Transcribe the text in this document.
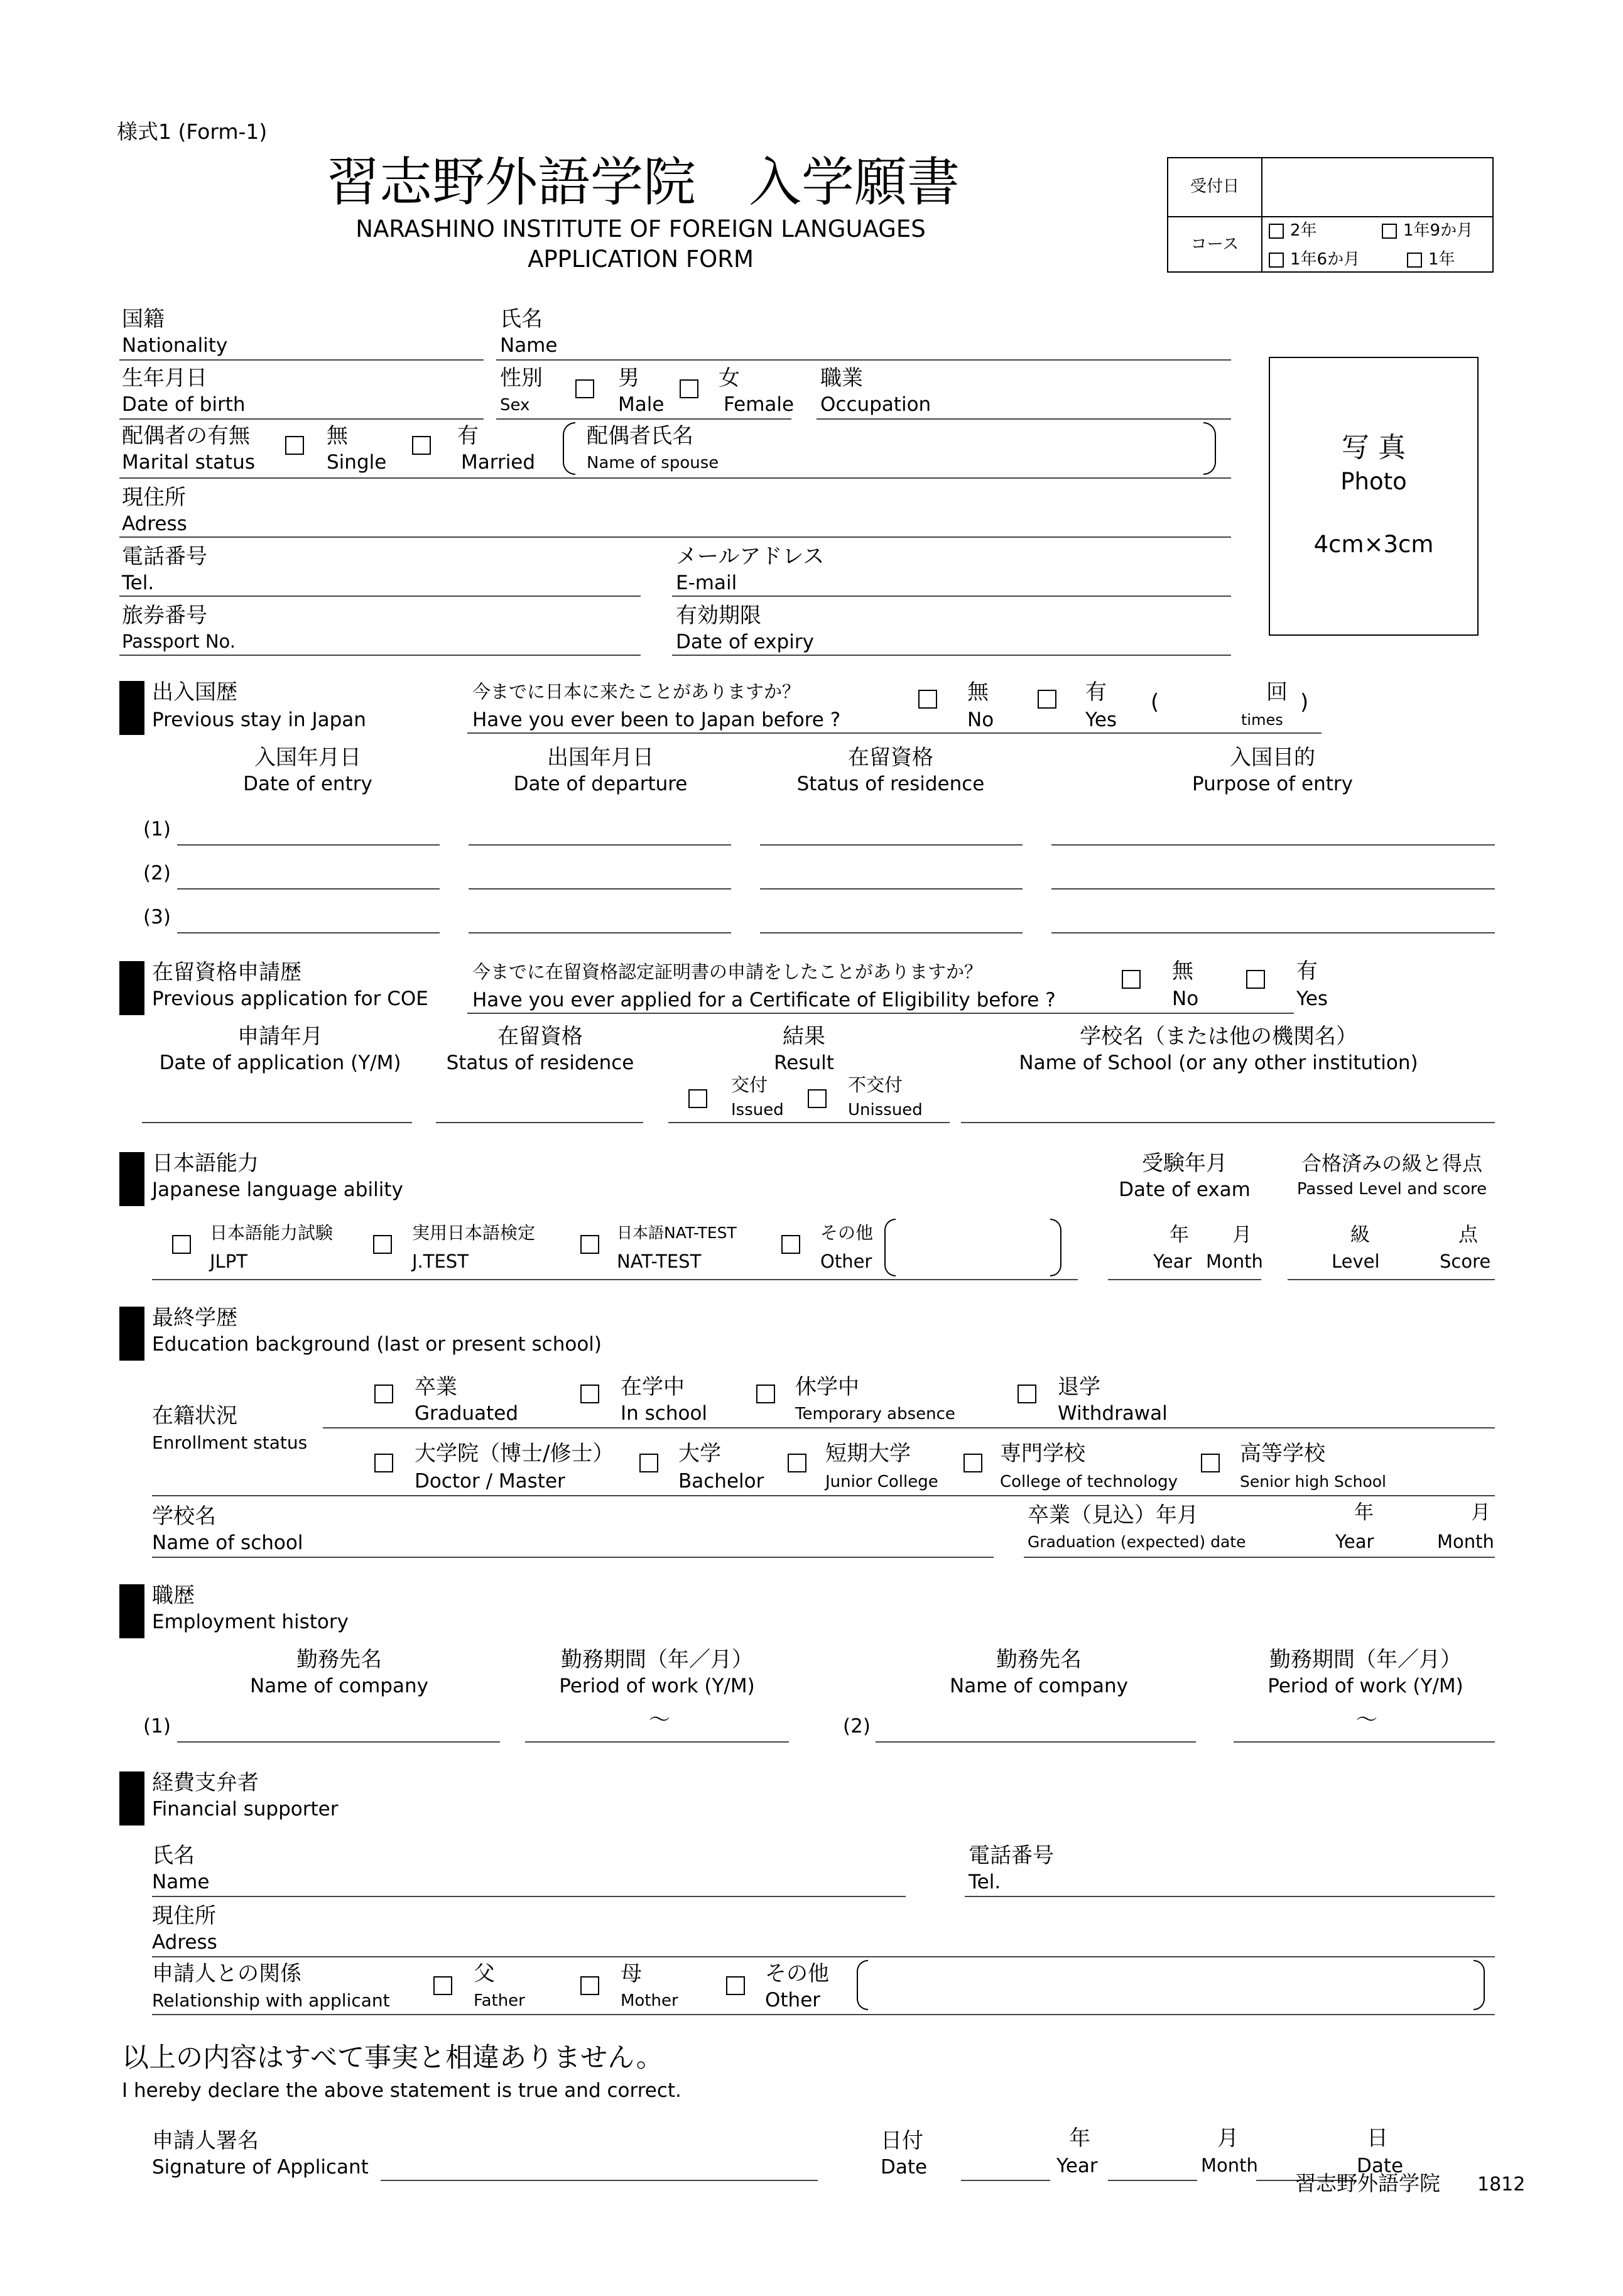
様式1 (Form-1)
習志野外語学院　入学願書
NARASHINO INSTITUTE OF FOREIGN LANGUAGES
APPLICATION FORM
受付日
コース
2年	1年9か月
1年6か月	1年
国籍
Nationality
氏名
Name
生年月日
Date of birth
性別
Sex
男
Male
女
Female
職業
Occupation
配偶者の有無
Marital status
無
Single
有
Married
配偶者氏名
Name of spouse
現住所
Adress
電話番号
Tel.
メールアドレス
E-mail
旅券番号
Passport No.
有効期限
Date of expiry
写 真
Photo
4cm×3cm
出入国歴
Previous stay in Japan
今までに日本に来たことがありますか？
Have you ever been to Japan before ?
無
No
有
Yes
(	回
times
)
入国年月日
Date of entry
出国年月日
Date of departure
在留資格
Status of residence
入国目的
Purpose of entry
(1)
(2)
(3)
在留資格申請歴
Previous application for COE
今までに在留資格認定証明書の申請をしたことがありますか？
Have you ever applied for a Certificate of Eligibility before ?
無
No
有
Yes
申請年月
Date of application (Y/M)
在留資格
Status of residence
結果
Result
学校名（または他の機関名）
Name of School (or any other institution)
交付
Issued
不交付
Unissued
日本語能力
Japanese language ability
受験年月
Date of exam
合格済みの級と得点
Passed Level and score
日本語能力試験
JLPT
実用日本語検定
J.TEST
日本語NAT-TEST
NAT-TEST
その他
Other
年
Year
月
Month
級
Level
点
Score
最終学歴
Education background (last or present school)
在籍状況
Enrollment status
卒業
Graduated
在学中
In school
休学中
Temporary absence
退学
Withdrawal
大学院（博士/修士）
Doctor / Master
大学
Bachelor
短期大学
Junior College
専門学校
College of technology
高等学校
Senior high School
学校名
Name of school
卒業（見込）年月
Graduation (expected) date
年
Year
月
Month
職歴
Employment history
勤務先名
Name of company
勤務期間（年／月）
Period of work (Y/M)
勤務先名
Name of company
勤務期間（年／月）
Period of work (Y/M)
(1)	～	(2)	～
経費支弁者
Financial supporter
氏名
Name
電話番号
Tel.
現住所
Adress
申請人との関係
Relationship with applicant
父
Father
母
Mother
その他
Other
以上の内容はすべて事実と相違ありません。
I hereby declare the above statement is true and correct.
申請人署名
Signature of Applicant
日付
Date
年
Year
月
Month
日
Date
習志野外語学院 1812
